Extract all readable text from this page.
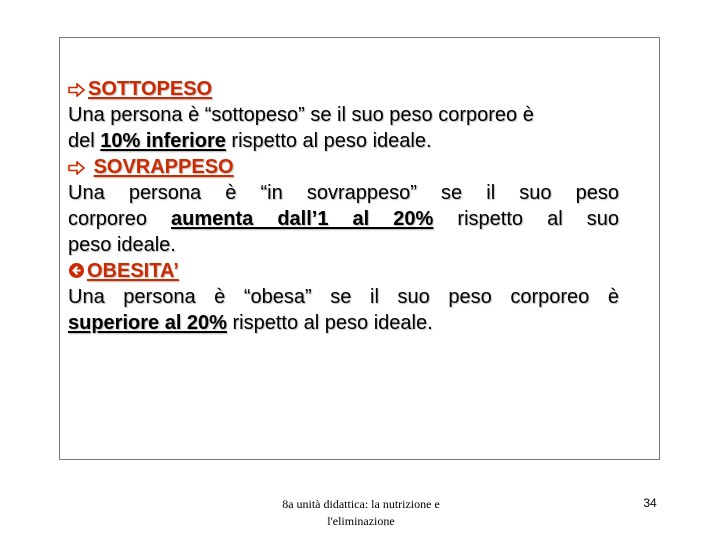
SOTTOPESO
Una persona è “sottopeso” se il suo peso corporeo è
del 10% inferiore rispetto al peso ideale.
SOVRAPPESO
Una persona è “in sovrappeso” se il suo peso
corporeo aumenta dall’1 al 20% rispetto al suo
peso ideale.
OBESITA’
Una persona è “obesa” se il suo peso corporeo è
superiore al 20% rispetto al peso ideale.
8a unità didattica: la nutrizione e
l'eliminazione
34
